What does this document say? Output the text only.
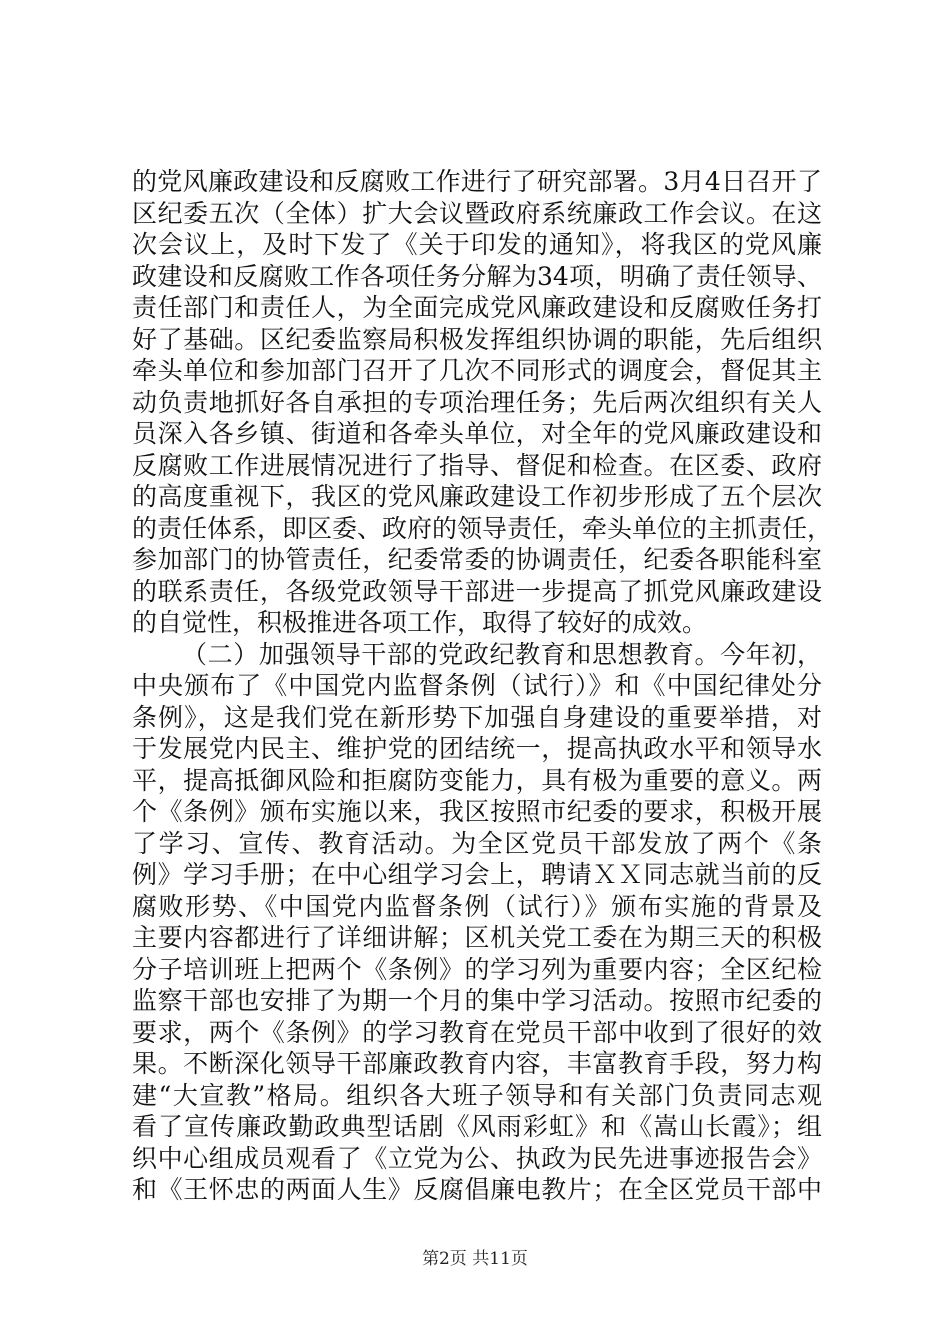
的党风廉政建设和反腐败工作进行了研究部署。3月4日召开了
区纪委五次（全体）扩大会议暨政府系统廉政工作会议。在这
次会议上，及时下发了《关于印发的通知》，将我区的党风廉
政建设和反腐败工作各项任务分解为34项，明确了责任领导、
责任部门和责任人，为全面完成党风廉政建设和反腐败任务打
好了基础。区纪委监察局积极发挥组织协调的职能，先后组织
牵头单位和参加部门召开了几次不同形式的调度会，督促其主
动负责地抓好各自承担的专项治理任务；先后两次组织有关人
员深入各乡镇、街道和各牵头单位，对全年的党风廉政建设和
反腐败工作进展情况进行了指导、督促和检查。在区委、政府
的高度重视下，我区的党风廉政建设工作初步形成了五个层次
的责任体系，即区委、政府的领导责任，牵头单位的主抓责任，
参加部门的协管责任，纪委常委的协调责任，纪委各职能科室
的联系责任，各级党政领导干部进一步提高了抓党风廉政建设
的自觉性，积极推进各项工作，取得了较好的成效。
（二）加强领导干部的党政纪教育和思想教育。今年初，
中央颁布了《中国党内监督条例（试行）》和《中国纪律处分
条例》，这是我们党在新形势下加强自身建设的重要举措，对
于发展党内民主、维护党的团结统一，提高执政水平和领导水
平，提高抵御风险和拒腐防变能力，具有极为重要的意义。两
个《条例》颁布实施以来，我区按照市纪委的要求，积极开展
了学习、宣传、教育活动。为全区党员干部发放了两个《条
例》学习手册；在中心组学习会上，聘请ＸＸ同志就当前的反
腐败形势、《中国党内监督条例（试行）》颁布实施的背景及
主要内容都进行了详细讲解；区机关党工委在为期三天的积极
分子培训班上把两个《条例》的学习列为重要内容；全区纪检
监察干部也安排了为期一个月的集中学习活动。按照市纪委的
要求，两个《条例》的学习教育在党员干部中收到了很好的效
果。不断深化领导干部廉政教育内容，丰富教育手段，努力构
建“大宣教”格局。组织各大班子领导和有关部门负责同志观
看了宣传廉政勤政典型话剧《风雨彩虹》和《嵩山长霞》；组
织中心组成员观看了《立党为公、执政为民先进事迹报告会》
和《王怀忠的两面人生》反腐倡廉电教片；在全区党员干部中
第2页 共11页
